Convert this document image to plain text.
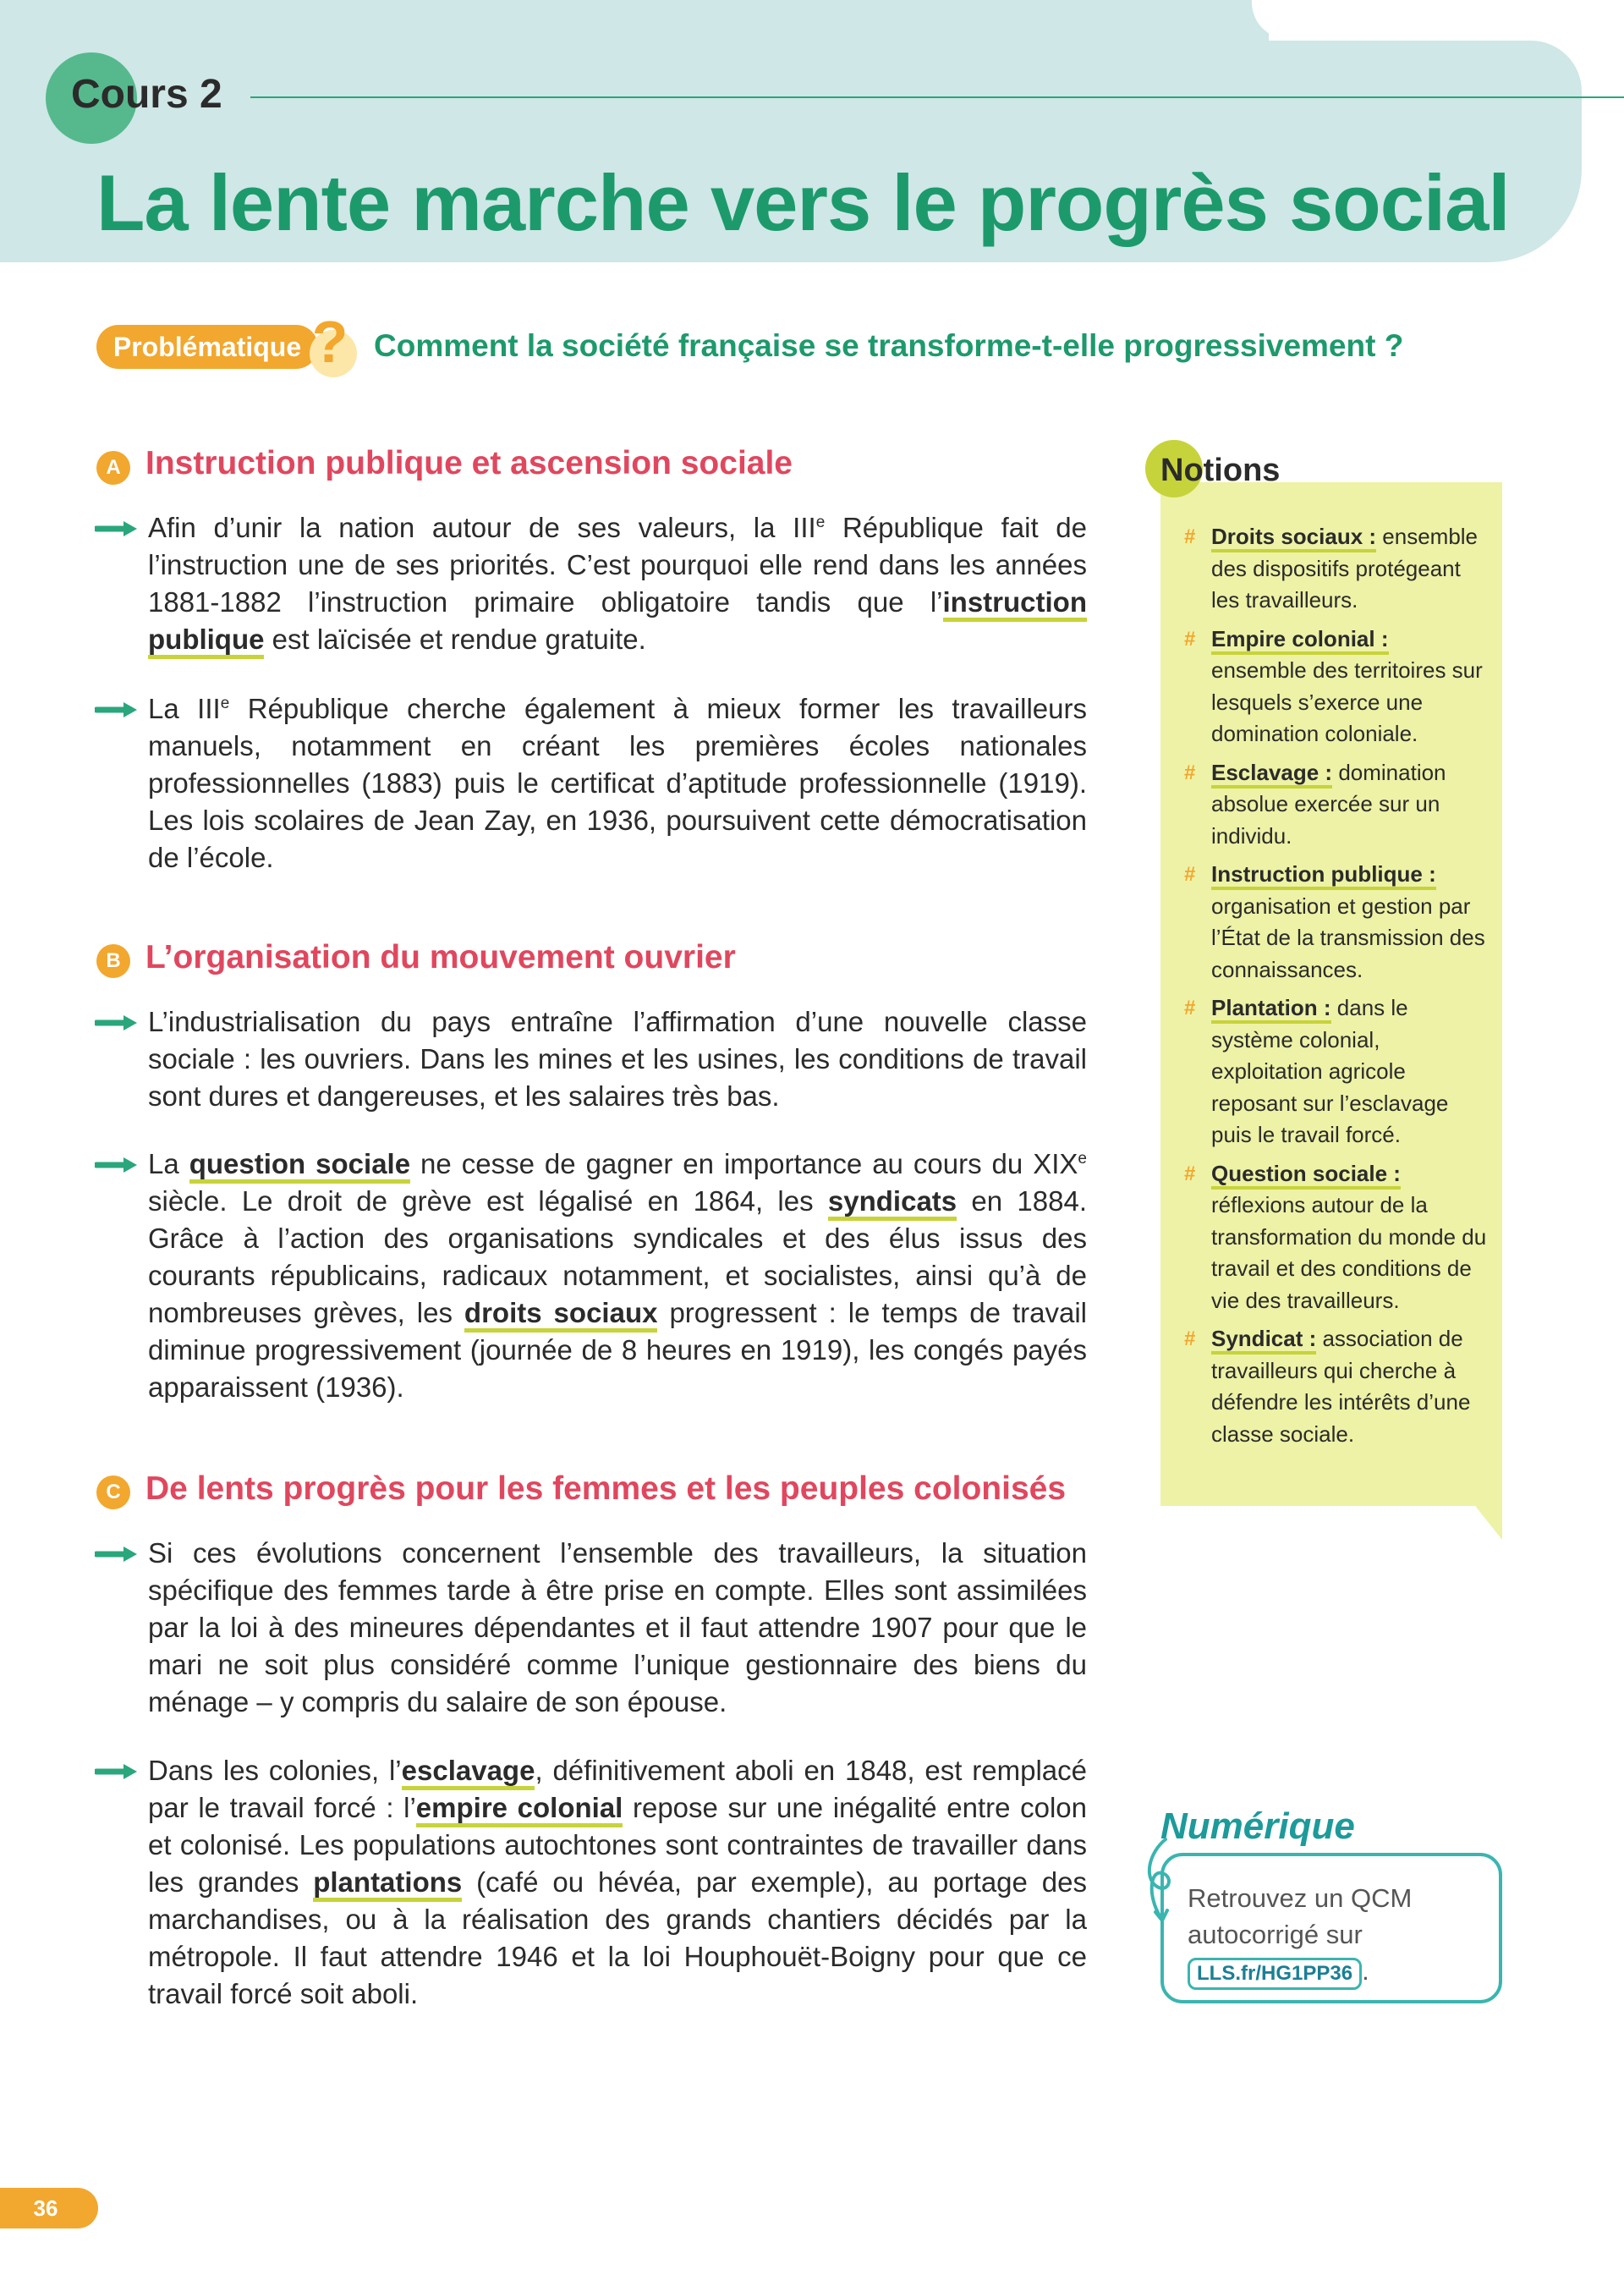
Cours 2
La lente marche vers le progrès social
Problématique ? Comment la société française se transforme-t-elle progressivement ?
A Instruction publique et ascension sociale

Afin d’unir la nation autour de ses valeurs, la IIIe République fait de l’instruction une de ses priorités. C’est pourquoi elle rend dans les années 1881-1882 l’instruction primaire obligatoire tandis que l’instruction publique est laïcisée et rendue gratuite.

La IIIe République cherche également à mieux former les travailleurs manuels, notamment en créant les premières écoles nationales professionnelles (1883) puis le certificat d’aptitude professionnelle (1919). Les lois scolaires de Jean Zay, en 1936, poursuivent cette démocratisation de l’école.

B L’organisation du mouvement ouvrier

L’industrialisation du pays entraîne l’affirmation d’une nouvelle classe sociale : les ouvriers. Dans les mines et les usines, les conditions de travail sont dures et dangereuses, et les salaires très bas.

La question sociale ne cesse de gagner en importance au cours du XIXe siècle. Le droit de grève est légalisé en 1864, les syndicats en 1884. Grâce à l’action des organisations syndicales et des élus issus des courants républicains, radicaux notamment, et socialistes, ainsi qu’à de nombreuses grèves, les droits sociaux progressent : le temps de travail diminue progressivement (journée de 8 heures en 1919), les congés payés apparaissent (1936).

C De lents progrès pour les femmes et les peuples colonisés

Si ces évolutions concernent l’ensemble des travailleurs, la situation spécifique des femmes tarde à être prise en compte. Elles sont assimilées par la loi à des mineures dépendantes et il faut attendre 1907 pour que le mari ne soit plus considéré comme l’unique gestionnaire des biens du ménage – y compris du salaire de son épouse.

Dans les colonies, l’esclavage, définitivement aboli en 1848, est remplacé par le travail forcé : l’empire colonial repose sur une inégalité entre colon et colonisé. Les populations autochtones sont contraintes de travailler dans les grandes plantations (café ou hévéa, par exemple), au portage des marchandises, ou à la réalisation des grands chantiers décidés par la métropole. Il faut attendre 1946 et la loi Houphouët-Boigny pour que ce travail forcé soit aboli.

Notions
# Droits sociaux : ensemble des dispositifs protégeant les travailleurs.
# Empire colonial : ensemble des territoires sur lesquels s’exerce une domination coloniale.
# Esclavage : domination absolue exercée sur un individu.
# Instruction publique : organisation et gestion par l’État de la transmission des connaissances.
# Plantation : dans le système colonial, exploitation agricole reposant sur l’esclavage puis le travail forcé.
# Question sociale : réflexions autour de la transformation du monde du travail et des conditions de vie des travailleurs.
# Syndicat : association de travailleurs qui cherche à défendre les intérêts d’une classe sociale.
Numérique
Retrouvez un QCM autocorrigé sur LLS.fr/HG1PP36 .
36
